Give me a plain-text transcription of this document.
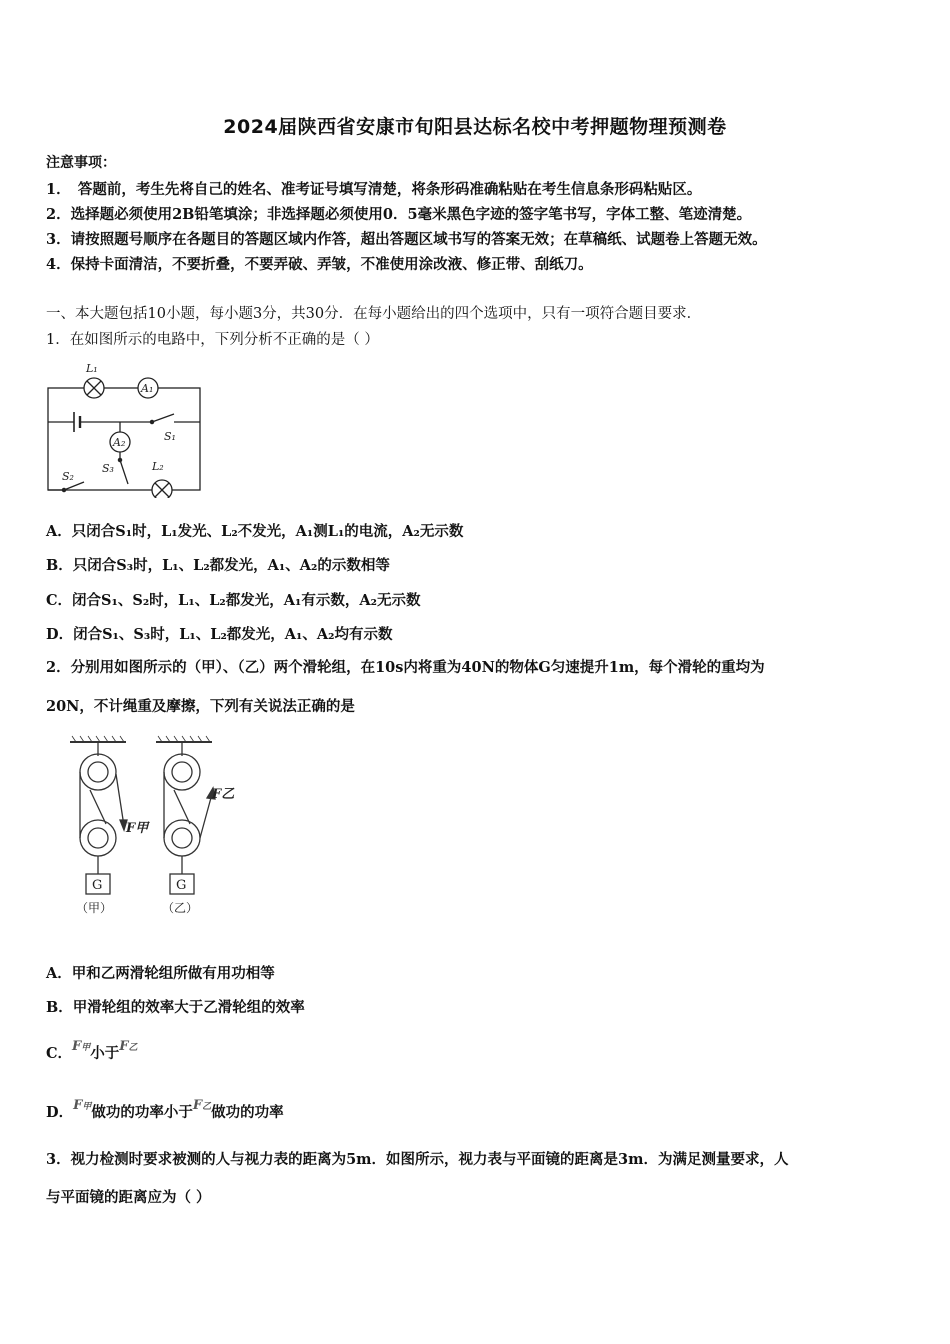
2024届陕西省安康市旬阳县达标名校中考押题物理预测卷
注意事项：
1．　答题前，考生先将自己的姓名、准考证号填写清楚，将条形码准确粘贴在考生信息条形码粘贴区。
2．选择题必须使用2B铅笔填涂；非选择题必须使用0．5毫米黑色字迹的签字笔书写，字体工整、笔迹清楚。
3．请按照题号顺序在各题目的答题区域内作答，超出答题区域书写的答案无效；在草稿纸、试题卷上答题无效。
4．保持卡面清洁，不要折叠，不要弄破、弄皱，不准使用涂改液、修正带、刮纸刀。
一、本大题包括10小题，每小题3分，共30分．在每小题给出的四个选项中，只有一项符合题目要求．
1．在如图所示的电路中，下列分析不正确的是（ ）
L₁
A₁
A₂	S₁
S₃	L₂
S₂
A．只闭合S₁时，L₁发光、L₂不发光，A₁测L₁的电流，A₂无示数
B．只闭合S₃时，L₁、L₂都发光，A₁、A₂的示数相等
C．闭合S₁、S₂时，L₁、L₂都发光，A₁有示数，A₂无示数
D．闭合S₁、S₃时，L₁、L₂都发光，A₁、A₂均有示数
2．分别用如图所示的（甲）、（乙）两个滑轮组，在10s内将重为40N的物体G匀速提升1m，每个滑轮的重均为
20N，不计绳重及摩擦，下列有关说法正确的是
F甲
F乙
G	G
（甲）	（乙）
A．甲和乙两滑轮组所做有用功相等
B．甲滑轮组的效率大于乙滑轮组的效率
C．F甲小于F乙
D．F甲做功的功率小于F乙做功的功率
3．视力检测时要求被测的人与视力表的距离为5m．如图所示，视力表与平面镜的距离是3m．为满足测量要求，人
与平面镜的距离应为（ ）
